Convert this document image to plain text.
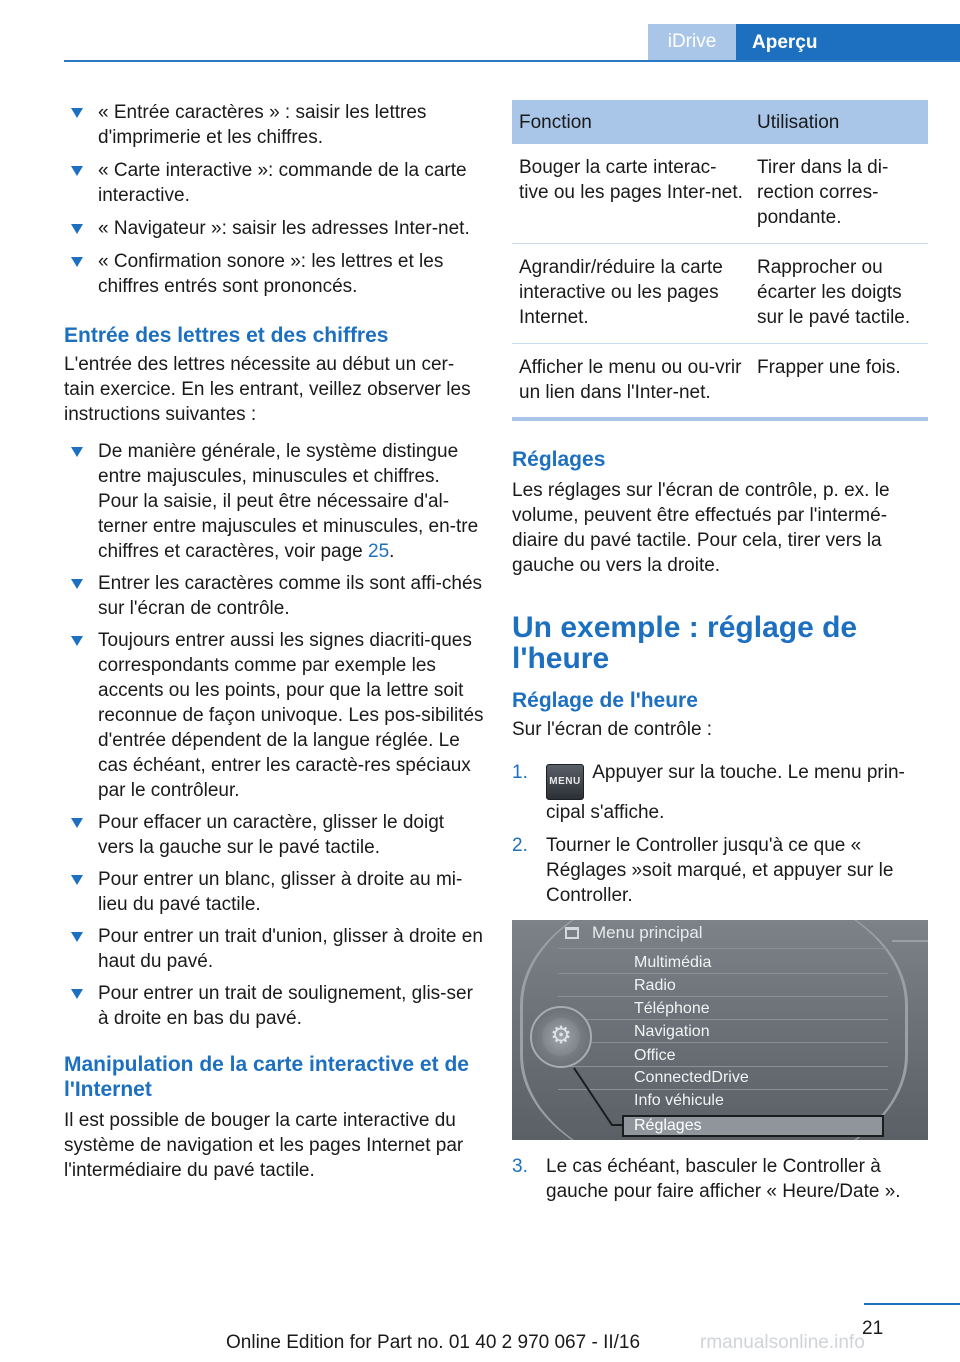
iDrive	Aperçu
« Entrée caractères » : saisir les lettres d'imprimerie et les chiffres.
« Carte interactive »: commande de la carte interactive.
« Navigateur »: saisir les adresses Inter-net.
« Confirmation sonore »: les lettres et les chiffres entrés sont prononcés.
Entrée des lettres et des chiffres
L'entrée des lettres nécessite au début un cer-tain exercice. En les entrant, veillez observer les instructions suivantes :
De manière générale, le système distingue entre majuscules, minuscules et chiffres. Pour la saisie, il peut être nécessaire d'al-terner entre majuscules et minuscules, en-tre chiffres et caractères, voir page 25.
Entrer les caractères comme ils sont affi-chés sur l'écran de contrôle.
Toujours entrer aussi les signes diacriti-ques correspondants comme par exemple les accents ou les points, pour que la lettre soit reconnue de façon univoque. Les pos-sibilités d'entrée dépendent de la langue réglée. Le cas échéant, entrer les caractè-res spéciaux par le contrôleur.
Pour effacer un caractère, glisser le doigt vers la gauche sur le pavé tactile.
Pour entrer un blanc, glisser à droite au mi-lieu du pavé tactile.
Pour entrer un trait d'union, glisser à droite en haut du pavé.
Pour entrer un trait de soulignement, glis-ser à droite en bas du pavé.
Manipulation de la carte interactive et de l'Internet
Il est possible de bouger la carte interactive du système de navigation et les pages Internet par l'intermédiaire du pavé tactile.
Fonction	Utilisation
Bouger la carte interac-tive ou les pages Inter-net.	Tirer dans la di-rection corres-pondante.
Agrandir/réduire la carte interactive ou les pages Internet.	Rapprocher ou écarter les doigts sur le pavé tactile.
Afficher le menu ou ou-vrir un lien dans l'Inter-net.	Frapper une fois.
Réglages
Les réglages sur l'écran de contrôle, p. ex. le volume, peuvent être effectués par l'intermé-diaire du pavé tactile. Pour cela, tirer vers la gauche ou vers la droite.
Un exemple : réglage de l'heure
Réglage de l'heure
Sur l'écran de contrôle :
1. MENU Appuyer sur la touche. Le menu prin-cipal s'affiche.
2. Tourner le Controller jusqu'à ce que « Réglages »soit marqué, et appuyer sur le Controller.
Menu principal
Multimédia
Radio
Téléphone
Navigation
Office
ConnectedDrive
Info véhicule
Réglages
⚙
3. Le cas échéant, basculer le Controller à gauche pour faire afficher « Heure/Date ».
21
Online Edition for Part no. 01 40 2 970 067 - II/16	rmanualsonline.info
